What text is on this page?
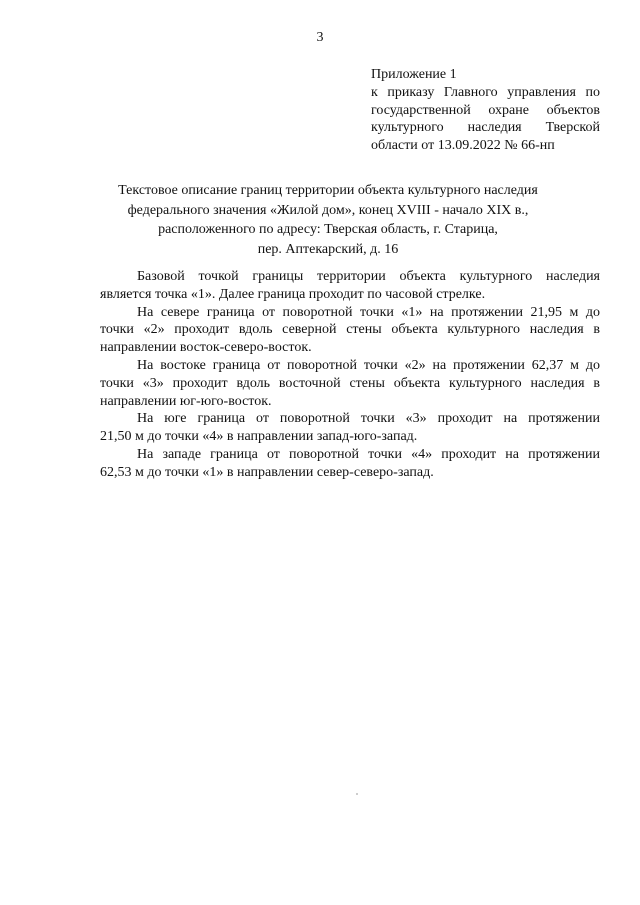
3
Приложение 1
к приказу Главного управления по
государственной охране объектов
культурного наследия Тверской
области от 13.09.2022 № 66-нп
Текстовое описание границ территории объекта культурного наследия
федерального значения «Жилой дом», конец XVIII - начало XIX в.,
расположенного по адресу: Тверская область, г. Старица,
пер. Аптекарский, д. 16
Базовой точкой границы территории объекта культурного наследия
является точка «1». Далее граница проходит по часовой стрелке.
На севере граница от поворотной точки «1» на протяжении 21,95 м до
точки «2» проходит вдоль северной стены объекта культурного наследия в
направлении восток-северо-восток.
На востоке граница от поворотной точки «2» на протяжении 62,37 м до
точки «3» проходит вдоль восточной стены объекта культурного наследия в
направлении юг-юго-восток.
На юге граница от поворотной точки «3» проходит на протяжении
21,50 м до точки «4» в направлении запад-юго-запад.
На западе граница от поворотной точки «4» проходит на протяжении
62,53 м до точки «1» в направлении север-северо-запад.
